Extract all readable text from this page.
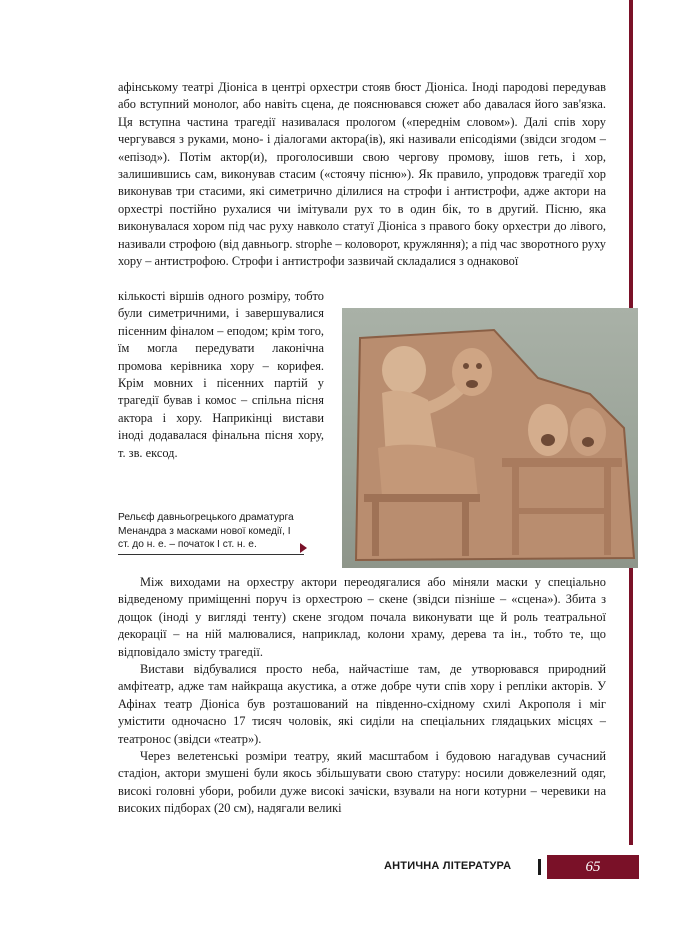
афінському театрі Діоніса в центрі орхестри стояв бюст Діоніса. Іноді пародові передував або вступний монолог, або навіть сцена, де пояснювався сюжет або давалася його зав'язка. Ця вступна частина трагедії називалася прологом («переднім словом»). Далі спів хору чергувався з руками, моно- і діалогами актора(ів), які називали епісодіями (звідси згодом – «епізод»). Потім актор(и), проголосивши свою чергову промову, ішов геть, і хор, залишившись сам, виконував стасим («стоячу пісню»). Як правило, упродовж трагедії хор виконував три стасими, які симетрично ділилися на строфи і антистрофи, адже актори на орхестрі постійно рухалися чи імітували рух то в один бік, то в другий. Пісню, яка виконувалася хором під час руху навколо статуї Діоніса з правого боку орхестри до лівого, називали строфою (від давньогр. strophe – коловорот, кружляння); а під час зворотного руху хору – антистрофою. Строфи і антистрофи зазвичай складалися з однакової

кількості віршів одного розміру, тобто були симетричними, і завершувалися пісенним фіналом – еподом; крім того, їм могла передувати лаконічна промова керівника хору – корифея. Крім мовних і пісенних партій у трагедії бував і комос – спільна пісня актора і хору. Наприкінці вистави іноді додавалася фінальна пісня хору, т. зв. ексод.

Рельєф давньогрецького драматурга Менандра з масками нової комедії, I ст. до н. е. – початок I ст. н. е.

Між виходами на орхестру актори переодягалися або міняли маски у спеціально відведеному приміщенні поруч із орхестрою – скене (звідси пізніше – «сцена»). Збита з дощок (іноді у вигляді тенту) скене згодом почала виконувати ще й роль театральної декорації – на ній малювалися, наприклад, колони храму, дерева та ін., тобто те, що відповідало змісту трагедії.

Вистави відбувалися просто неба, найчастіше там, де утворювався природний амфітеатр, адже там найкраща акустика, а отже добре чути спів хору і репліки акторів. У Афінах театр Діоніса був розташований на південно-східному схилі Акрополя і міг умістити одночасно 17 тисяч чоловік, які сиділи на спеціальних глядацьких місцях – театронос (звідси «театр»).

Через велетенські розміри театру, який масштабом і будовою нагадував сучасний стадіон, актори змушені були якось збільшувати свою статуру: носили довжелезний одяг, високі головні убори, робили дуже високі зачіски, взували на ноги котурни – черевики на високих підборах (20 см), надягали великі

АНТИЧНА ЛІТЕРАТУРА	65
